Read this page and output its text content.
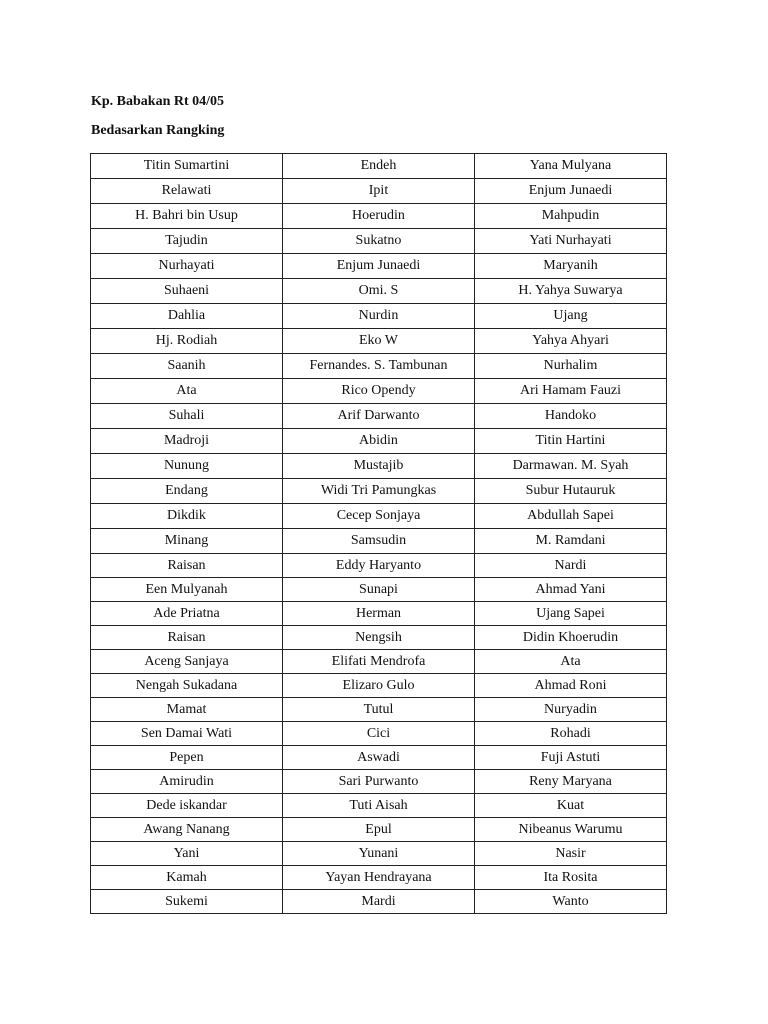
Kp. Babakan Rt 04/05
Bedasarkan Rangking
Titin Sumartini	Endeh	Yana Mulyana
Relawati	Ipit	Enjum Junaedi
H. Bahri bin Usup	Hoerudin	Mahpudin
Tajudin	Sukatno	Yati Nurhayati
Nurhayati	Enjum Junaedi	Maryanih
Suhaeni	Omi. S	H. Yahya Suwarya
Dahlia	Nurdin	Ujang
Hj. Rodiah	Eko W	Yahya Ahyari
Saanih	Fernandes. S. Tambunan	Nurhalim
Ata	Rico Opendy	Ari Hamam Fauzi
Suhali	Arif Darwanto	Handoko
Madroji	Abidin	Titin Hartini
Nunung	Mustajib	Darmawan. M. Syah
Endang	Widi Tri Pamungkas	Subur Hutauruk
Dikdik	Cecep Sonjaya	Abdullah Sapei
Minang	Samsudin	M. Ramdani
Raisan	Eddy Haryanto	Nardi
Een Mulyanah	Sunapi	Ahmad Yani
Ade Priatna	Herman	Ujang Sapei
Raisan	Nengsih	Didin Khoerudin
Aceng Sanjaya	Elifati Mendrofa	Ata
Nengah Sukadana	Elizaro Gulo	Ahmad Roni
Mamat	Tutul	Nuryadin
Sen Damai Wati	Cici	Rohadi
Pepen	Aswadi	Fuji Astuti
Amirudin	Sari Purwanto	Reny Maryana
Dede iskandar	Tuti Aisah	Kuat
Awang Nanang	Epul	Nibeanus Warumu
Yani	Yunani	Nasir
Kamah	Yayan Hendrayana	Ita Rosita
Sukemi	Mardi	Wanto
